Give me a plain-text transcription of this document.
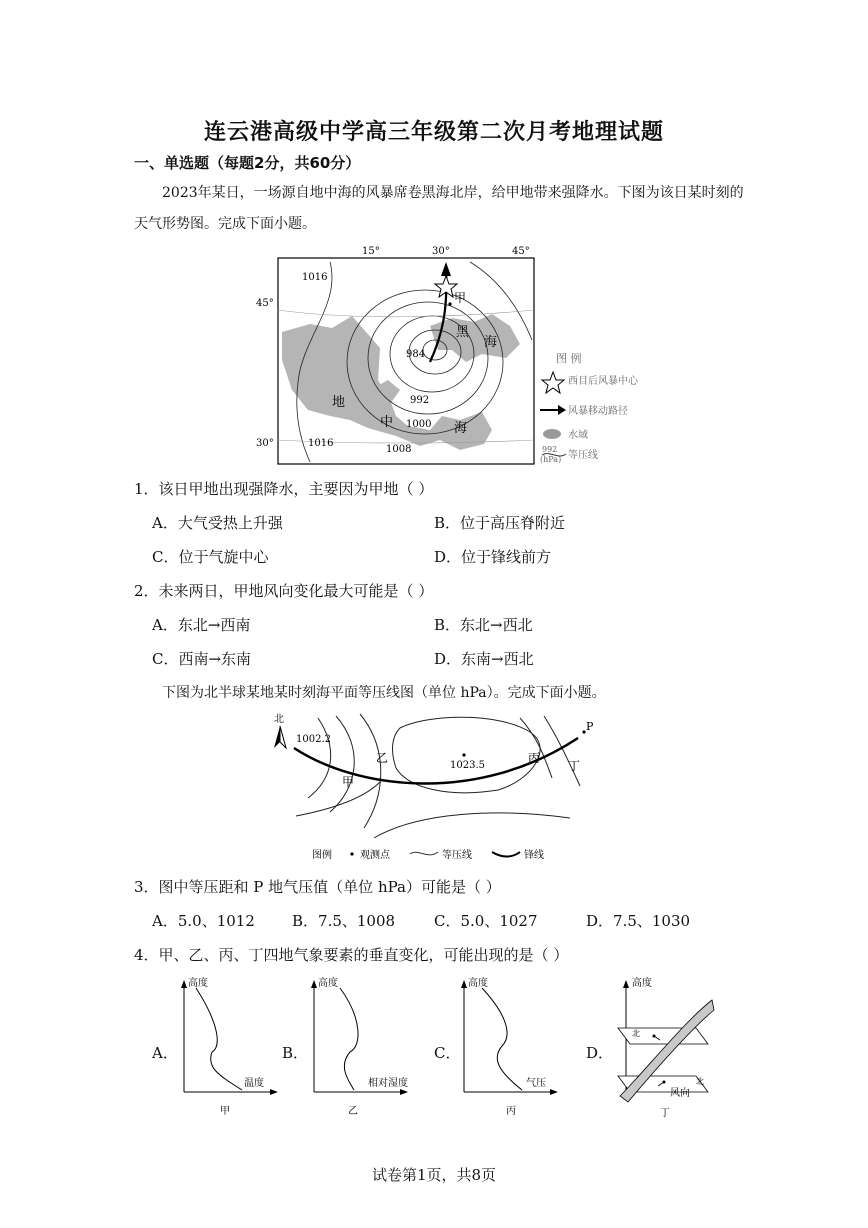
连云港高级中学高三年级第二次月考地理试题
一、单选题（每题2分，共60分）
2023年某日，一场源自地中海的风暴席卷黑海北岸，给甲地带来强降水。下图为该日某时刻的天气形势图。完成下面小题。
15°	30°	45°
45°
30°
1016
984
992
1000
1008
1016
甲
黑
海
地
中	海
图 例
西目后风暴中心
风暴移动路径
水域
992
(hPa) 等压线
1．该日甲地出现强降水，主要因为甲地（ ）
A．大气受热上升强	B．位于高压脊附近
C．位于气旋中心	D．位于锋线前方
2．未来两日，甲地风向变化最大可能是（ ）
A．东北→西南	B．东北→西北
C．西南→东南	D．东南→西北
下图为北半球某地某时刻海平面等压线图（单位 hPa）。完成下面小题。
北
1002.2
1023.5
乙
甲
丙
丁
P
图例	观测点	等压线	锋线
3．图中等压距和 P 地气压值（单位 hPa）可能是（ ）
A．5.0、1012 B．7.5、1008	C．5.0、1027	D．7.5、1030
4．甲、乙、丙、丁四地气象要素的垂直变化，可能出现的是（ ）
A．	B．	C．	D．
高度
温度
甲
高度
相对湿度
乙
高度
气压
丙
高度
北
北
风向
丁
试卷第1页，共8页
